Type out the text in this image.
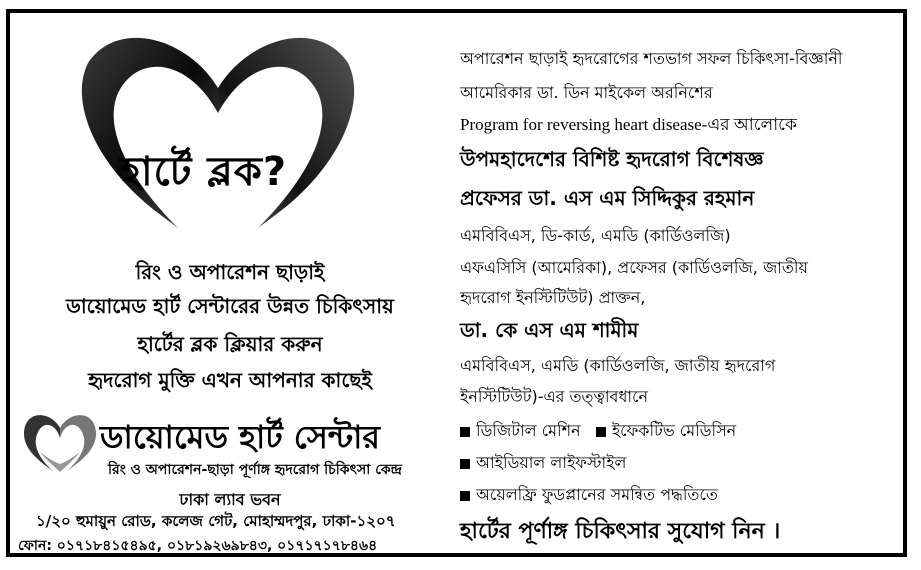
হার্টে ব্লক?
রিং ও অপারেশন ছাড়াই
ডায়োমেড হার্ট সেন্টারের উন্নত চিকিৎসায়
হার্টের ব্লক ক্লিয়ার করুন
হৃদরোগ মুক্তি এখন আপনার কাছেই
ডায়োমেড হার্ট সেন্টার
রিং ও অপারেশন-ছাড়া পূর্ণাঙ্গ হৃদরোগ চিকিৎসা কেন্দ্র
ঢাকা ল্যাব ভবন
১/২০ হুমায়ুন রোড, কলেজ গেট, মোহাম্মদপুর, ঢাকা-১২০৭
ফোন: ০১৭১৮৪১৫৪৯৫, ০১৮১৯২৬৯৮৪৩, ০১৭১৭১৭৮৪৬৪
অপারেশন ছাড়াই হৃদরোগের শতভাগ সফল চিকিৎসা-বিজ্ঞানী
আমেরিকার ডা. ডিন মাইকেল অরনিশের
Program for reversing heart disease-এর আলোকে
উপমহাদেশের বিশিষ্ট হৃদরোগ বিশেষজ্ঞ
প্রফেসর ডা. এস এম সিদ্দিকুর রহমান
এমবিবিএস, ডি-কার্ড, এমডি (কার্ডিওলজি)
এফএসিসি (আমেরিকা), প্রফেসর (কার্ডিওলজি, জাতীয়
হৃদরোগ ইনস্টিটিউট) প্রাক্তন,
ডা. কে এস এম শামীম
এমবিবিএস, এমডি (কার্ডিওলজি, জাতীয় হৃদরোগ
ইনস্টিটিউট)-এর তত্ত্বাবধানে
ডিজিটাল মেশিন ইফেকটিভ মেডিসিন
আইডিয়াল লাইফস্টাইল
অয়েলফ্রি ফুডপ্লানের সমন্বিত পদ্ধতিতে
হার্টের পূর্ণাঙ্গ চিকিৎসার সুযোগ নিন ।
